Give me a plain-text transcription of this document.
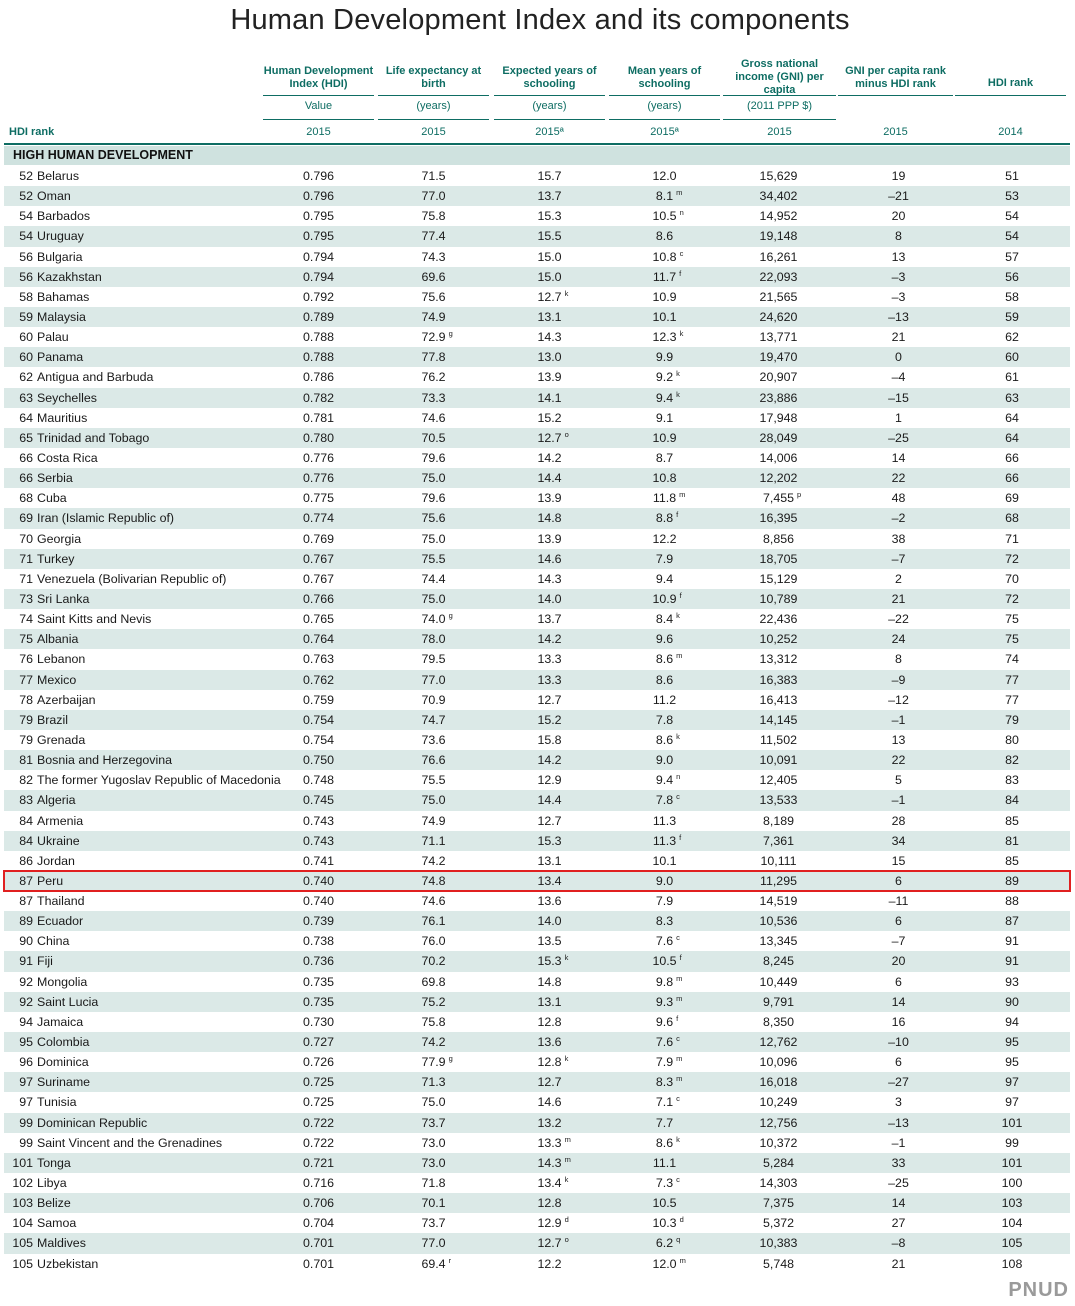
Human Development Index and its components
Human Development Index (HDI)
Life expectancy at birth
Expected years of schooling
Mean years of schooling
Gross national income (GNI) per capita
GNI per capita rank minus HDI rank	HDI rank
Value	(years)	(years)	(years)	(2011 PPP $)
HDI rank	2015	2015	2015ª	2015ª	2015	2015	2014
HIGH HUMAN DEVELOPMENT
52 Belarus	0.796	71.5	15.7	12.0	15,629	19	51
52 Oman	0.796	77.0	13.7	8.1 m	34,402	–21	53
54 Barbados	0.795	75.8	15.3	10.5 n	14,952	20	54
54 Uruguay	0.795	77.4	15.5	8.6	19,148	8	54
56 Bulgaria	0.794	74.3	15.0	10.8 c	16,261	13	57
56 Kazakhstan	0.794	69.6	15.0	11.7 f	22,093	–3	56
58 Bahamas	0.792	75.6	12.7 k	10.9	21,565	–3	58
59 Malaysia	0.789	74.9	13.1	10.1	24,620	–13	59
60 Palau	0.788	72.9 g	14.3	12.3 k	13,771	21	62
60 Panama	0.788	77.8	13.0	9.9	19,470	0	60
62 Antigua and Barbuda	0.786	76.2	13.9	9.2 k	20,907	–4	61
63 Seychelles	0.782	73.3	14.1	9.4 k	23,886	–15	63
64 Mauritius	0.781	74.6	15.2	9.1	17,948	1	64
65 Trinidad and Tobago	0.780	70.5	12.7 o	10.9	28,049	–25	64
66 Costa Rica	0.776	79.6	14.2	8.7	14,006	14	66
66 Serbia	0.776	75.0	14.4	10.8	12,202	22	66
68 Cuba	0.775	79.6	13.9	11.8 m	7,455 p	48	69
69 Iran (Islamic Republic of)	0.774	75.6	14.8	8.8 f	16,395	–2	68
70 Georgia	0.769	75.0	13.9	12.2	8,856	38	71
71 Turkey	0.767	75.5	14.6	7.9	18,705	–7	72
71 Venezuela (Bolivarian Republic of)	0.767	74.4	14.3	9.4	15,129	2	70
73 Sri Lanka	0.766	75.0	14.0	10.9 f	10,789	21	72
74 Saint Kitts and Nevis	0.765	74.0 g	13.7	8.4 k	22,436	–22	75
75 Albania	0.764	78.0	14.2	9.6	10,252	24	75
76 Lebanon	0.763	79.5	13.3	8.6 m	13,312	8	74
77 Mexico	0.762	77.0	13.3	8.6	16,383	–9	77
78 Azerbaijan	0.759	70.9	12.7	11.2	16,413	–12	77
79 Brazil	0.754	74.7	15.2	7.8	14,145	–1	79
79 Grenada	0.754	73.6	15.8	8.6 k	11,502	13	80
81 Bosnia and Herzegovina	0.750	76.6	14.2	9.0	10,091	22	82
82 The former Yugoslav Republic of Macedonia	0.748	75.5	12.9	9.4 n	12,405	5	83
83 Algeria	0.745	75.0	14.4	7.8 c	13,533	–1	84
84 Armenia	0.743	74.9	12.7	11.3	8,189	28	85
84 Ukraine	0.743	71.1	15.3	11.3 f	7,361	34	81
86 Jordan	0.741	74.2	13.1	10.1	10,111	15	85
87 Peru	0.740	74.8	13.4	9.0	11,295	6	89
87 Thailand	0.740	74.6	13.6	7.9	14,519	–11	88
89 Ecuador	0.739	76.1	14.0	8.3	10,536	6	87
90 China	0.738	76.0	13.5	7.6 c	13,345	–7	91
91 Fiji	0.736	70.2	15.3 k	10.5 f	8,245	20	91
92 Mongolia	0.735	69.8	14.8	9.8 m	10,449	6	93
92 Saint Lucia	0.735	75.2	13.1	9.3 m	9,791	14	90
94 Jamaica	0.730	75.8	12.8	9.6 f	8,350	16	94
95 Colombia	0.727	74.2	13.6	7.6 c	12,762	–10	95
96 Dominica	0.726	77.9 g	12.8 k	7.9 m	10,096	6	95
97 Suriname	0.725	71.3	12.7	8.3 m	16,018	–27	97
97 Tunisia	0.725	75.0	14.6	7.1 c	10,249	3	97
99 Dominican Republic	0.722	73.7	13.2	7.7	12,756	–13	101
99 Saint Vincent and the Grenadines	0.722	73.0	13.3 m	8.6 k	10,372	–1	99
101 Tonga	0.721	73.0	14.3 m	11.1	5,284	33	101
102 Libya	0.716	71.8	13.4 k	7.3 c	14,303	–25	100
103 Belize	0.706	70.1	12.8	10.5	7,375	14	103
104 Samoa	0.704	73.7	12.9 d	10.3 d	5,372	27	104
105 Maldives	0.701	77.0	12.7 o	6.2 q	10,383	–8	105
105 Uzbekistan	0.701	69.4 r	12.2	12.0 m	5,748	21	108
PNUD
